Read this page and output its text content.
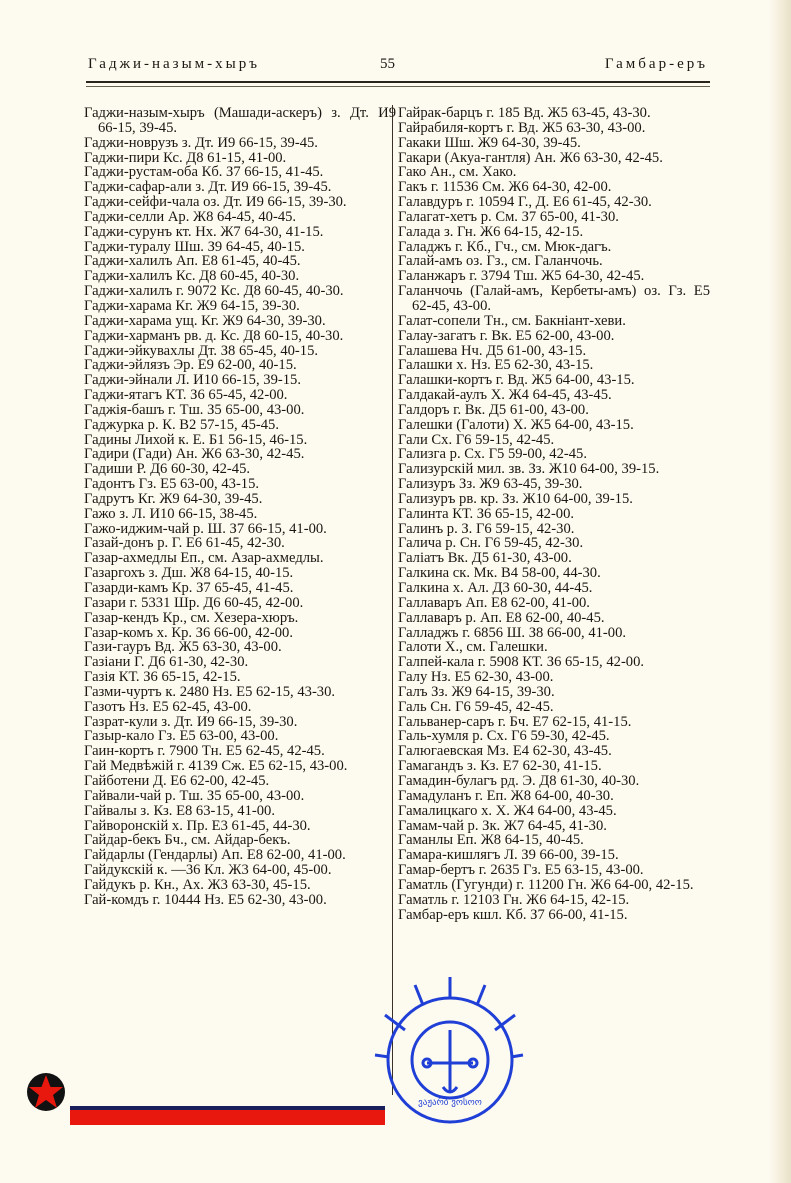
Гаджи-назым-хыръ	55	Гамбар-еръ
Гаджи-назым-хыръ (Машади-аскеръ) з. Дт. И9 66-15, 39-45.
Гаджи-новрузъ з. Дт. И9 66-15, 39-45.
Гаджи-пири Кс. Д8 61-15, 41-00.
Гаджи-рустам-оба Кб. З7 66-15, 41-45.
Гаджи-сафар-али з. Дт. И9 66-15, 39-45.
Гаджи-сейфи-чала оз. Дт. И9 66-15, 39-30.
Гаджи-селли Ар. Ж8 64-45, 40-45.
Гаджи-сурунъ кт. Нх. Ж7 64-30, 41-15.
Гаджи-туралу Шш. З9 64-45, 40-15.
Гаджи-халилъ Ап. Е8 61-45, 40-45.
Гаджи-халилъ Кс. Д8 60-45, 40-30.
Гаджи-халилъ г. 9072 Кс. Д8 60-45, 40-30.
Гаджи-харама Кг. Ж9 64-15, 39-30.
Гаджи-харама ущ. Кг. Ж9 64-30, 39-30.
Гаджи-харманъ рв. д. Кс. Д8 60-15, 40-30.
Гаджи-эйкувахлы Дт. З8 65-45, 40-15.
Гаджи-эйлязъ Эр. Е9 62-00, 40-15.
Гаджи-эйнали Л. И10 66-15, 39-15.
Гаджи-ятагъ КТ. З6 65-45, 42-00.
Гаджія-башъ г. Тш. З5 65-00, 43-00.
Гаджурка р. К. В2 57-15, 45-45.
Гадины Лихой к. Е. Б1 56-15, 46-15.
Гадири (Гади) Ан. Ж6 63-30, 42-45.
Гадиши Р. Д6 60-30, 42-45.
Гадонтъ Гз. Е5 63-00, 43-15.
Гадрутъ Кг. Ж9 64-30, 39-45.
Гажо з. Л. И10 66-15, 38-45.
Гажо-иджим-чай р. Ш. З7 66-15, 41-00.
Газай-донъ р. Г. Е6 61-45, 42-30.
Газар-ахмедлы Еп., см. Азар-ахмедлы.
Газаргохъ з. Дш. Ж8 64-15, 40-15.
Газарди-камъ Кр. З7 65-45, 41-45.
Газари г. 5331 Шр. Д6 60-45, 42-00.
Газар-кендъ Кр., см. Хезера-хюръ.
Газар-комъ х. Кр. З6 66-00, 42-00.
Гази-гауръ Вд. Ж5 63-30, 43-00.
Газіани Г. Д6 61-30, 42-30.
Газія КТ. З6 65-15, 42-15.
Газми-чуртъ к. 2480 Нз. Е5 62-15, 43-30.
Газотъ Нз. Е5 62-45, 43-00.
Газрат-кули з. Дт. И9 66-15, 39-30.
Газыр-кало Гз. Е5 63-00, 43-00.
Гаин-кортъ г. 7900 Тн. Е5 62-45, 42-45.
Гай Медвѣжій г. 4139 Сж. Е5 62-15, 43-00.
Гайботени Д. Е6 62-00, 42-45.
Гайвали-чай р. Тш. З5 65-00, 43-00.
Гайвалы з. Кз. Е8 63-15, 41-00.
Гайворонскій х. Пр. Е3 61-45, 44-30.
Гайдар-бекъ Бч., см. Айдар-бекъ.
Гайдарлы (Гендарлы) Ап. Е8 62-00, 41-00.
Гайдукскій к. —36 Кл. Ж3 64-00, 45-00.
Гайдукъ р. Кн., Ах. Ж3 63-30, 45-15.
Гай-комдъ г. 10444 Нз. Е5 62-30, 43-00.
Гайрак-барцъ г. 185 Вд. Ж5 63-45, 43-30.
Гайрабиля-кортъ г. Вд. Ж5 63-30, 43-00.
Гакаки Шш. Ж9 64-30, 39-45.
Гакари (Акуа-гантля) Ан. Ж6 63-30, 42-45.
Гако Ан., см. Хако.
Гакъ г. 11536 См. Ж6 64-30, 42-00.
Галавдуръ г. 10594 Г., Д. Е6 61-45, 42-30.
Галагат-хетъ р. См. З7 65-00, 41-30.
Галада з. Гн. Ж6 64-15, 42-15.
Галаджъ г. Кб., Гч., см. Мюк-дагъ.
Галай-амъ оз. Гз., см. Галанчочь.
Галанжаръ г. 3794 Тш. Ж5 64-30, 42-45.
Галанчочь (Галай-амъ, Кербеты-амъ) оз. Гз. Е5 62-45, 43-00.
Галат-сопели Тн., см. Бакніант-хеви.
Галау-загатъ г. Вк. Е5 62-00, 43-00.
Галашева Нч. Д5 61-00, 43-15.
Галашки х. Нз. Е5 62-30, 43-15.
Галашки-кортъ г. Вд. Ж5 64-00, 43-15.
Галдакай-аулъ Х. Ж4 64-45, 43-45.
Галдоръ г. Вк. Д5 61-00, 43-00.
Галешки (Галоти) Х. Ж5 64-00, 43-15.
Гали Сх. Г6 59-15, 42-45.
Гализга р. Сх. Г5 59-00, 42-45.
Гализурскій мил. зв. Зз. Ж10 64-00, 39-15.
Гализуръ Зз. Ж9 63-45, 39-30.
Гализуръ рв. кр. Зз. Ж10 64-00, 39-15.
Галинта КТ. З6 65-15, 42-00.
Галинъ р. З. Г6 59-15, 42-30.
Галича р. Сн. Г6 59-45, 42-30.
Галіатъ Вк. Д5 61-30, 43-00.
Галкина ск. Мк. В4 58-00, 44-30.
Галкина х. Ал. Д3 60-30, 44-45.
Галлаваръ Ап. Е8 62-00, 41-00.
Галлаваръ р. Ап. Е8 62-00, 40-45.
Галладжъ г. 6856 Ш. З8 66-00, 41-00.
Галоти Х., см. Галешки.
Галпей-кала г. 5908 КТ. З6 65-15, 42-00.
Галу Нз. Е5 62-30, 43-00.
Галъ Зз. Ж9 64-15, 39-30.
Галь Сн. Г6 59-45, 42-45.
Гальванер-саръ г. Бч. Е7 62-15, 41-15.
Галь-хумля р. Сх. Г6 59-30, 42-45.
Галюгаевская Мз. Е4 62-30, 43-45.
Гамагандъ з. Кз. Е7 62-30, 41-15.
Гамадин-булагъ рд. Э. Д8 61-30, 40-30.
Гамадуланъ г. Еп. Ж8 64-00, 40-30.
Гамалицкаго х. Х. Ж4 64-00, 43-45.
Гамам-чай р. Зк. Ж7 64-45, 41-30.
Гаманлы Еп. Ж8 64-15, 40-45.
Гамара-кишлягъ Л. З9 66-00, 39-15.
Гамар-бертъ г. 2635 Гз. Е5 63-15, 43-00.
Гаматль (Гугунди) г. 11200 Гн. Ж6 64-00, 42-15.
Гаматль г. 12103 Гн. Ж6 64-15, 42-15.
Гамбар-еръ кшл. Кб. З7 66-00, 41-15.
ვაჟარბ ვოსოო
